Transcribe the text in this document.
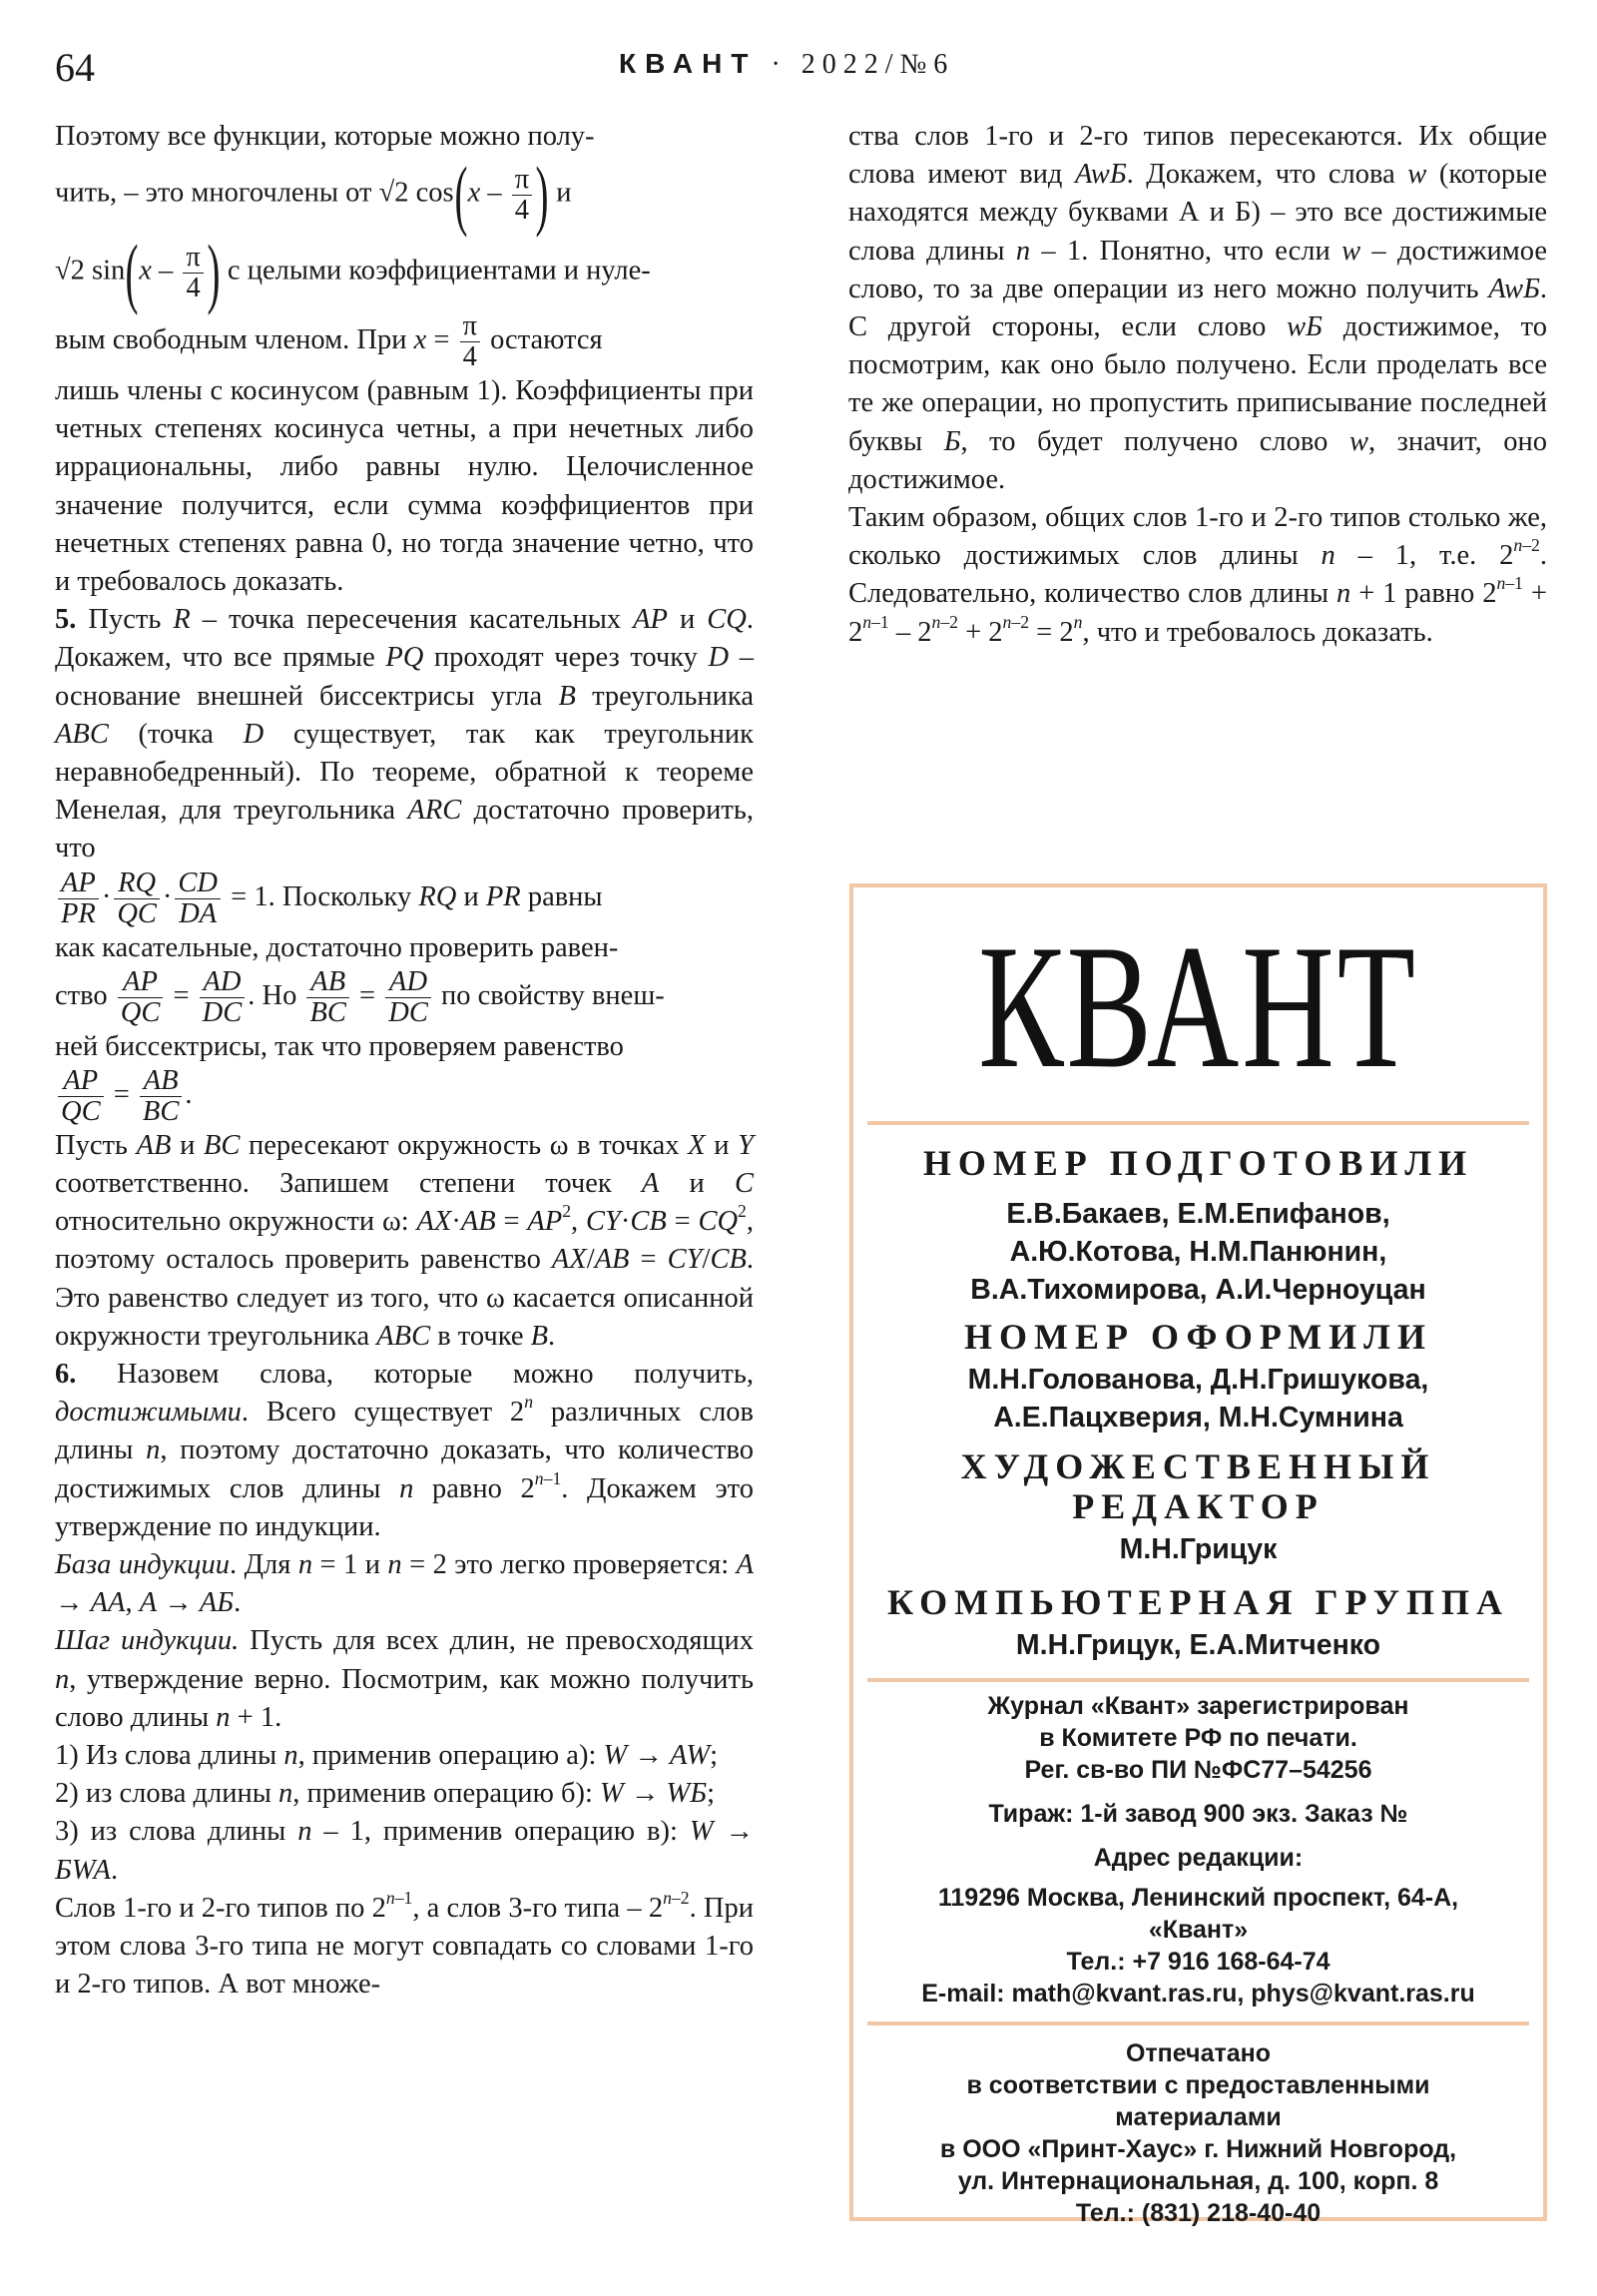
64	КВАНТ · 2022/№6

Поэтому все функции, которые можно полу-

чить, – это многочлены от √2 $\cos(x - \frac{\pi}{4}$ ) и

√2 $\sin(x - \frac{\pi}{4}$ ) с целыми коэффициентами и нуле-

вым свободным членом. При $x = \frac{\pi}{4}$ остаются

лишь члены с косинусом (равным 1). Коэффициенты при четных степенях косинуса четны, а при нечетных либо иррациональны, либо равны нулю. Целочисленное значение получится, если сумма коэффициентов при нечетных степенях равна 0, но тогда значение четно, что и требовалось доказать.

5. Пусть R – точка пересечения касательных AP и CQ. Докажем, что все прямые PQ проходят через точку D – основание внешней биссектрисы угла B треугольника ABC (точка D существует, так как треугольник неравнобедренный). По теореме, обратной к теореме Менелая, для треугольника ARC достаточно проверить, что

$\frac{AP}{PR} \cdot \frac{RQ}{QC} \cdot \frac{CD}{DA} = 1$. Поскольку RQ и PR равны

как касательные, достаточно проверить равен-

ство $\frac{AP}{QC} = \frac{AD}{DC}$ . Но $\frac{AB}{BC} = \frac{AD}{DC}$ по свойству внеш-

ней биссектрисы, так что проверяем равенство

$\frac{AP}{QC} = \frac{AB}{BC}$ .

Пусть AB и BC пересекают окружность ω в точках X и Y соответственно. Запишем степени точек A и C относительно окружности ω: $AX\cdot AB = AP^2$, $CY\cdot CB = CQ^2$, поэтому осталось проверить равенство AX/AB = CY/CB. Это равенство следует из того, что ω касается описанной окружности треугольника ABC в точке B.

6. Назовем слова, которые можно получить, достижимыми. Всего существует 2$^n$ различных слов длины n, поэтому достаточно доказать, что количество достижимых слов длины n равно 2$^{n-1}$. Докажем это утверждение по индукции.

База индукции. Для n = 1 и n = 2 это легко проверяется: A → AA, A → AБ.

Шаг индукции. Пусть для всех длин, не превосходящих n, утверждение верно. Посмотрим, как можно получить слово длины n + 1.

1) Из слова длины n, применив операцию а): W → AW;

2) из слова длины n, применив операцию б): W → WБ;

3) из слова длины n – 1, применив операцию в): W → БWA.

Слов 1-го и 2-го типов по 2$^{n-1}$, а слов 3-го типа – 2$^{n-2}$. При этом слова 3-го типа не могут совпадать со словами 1-го и 2-го типов. А вот множе-

ства слов 1-го и 2-го типов пересекаются. Их общие слова имеют вид AwБ. Докажем, что слова w (которые находятся между буквами А и Б) – это все достижимые слова длины n – 1. Понятно, что если w – достижимое слово, то за две операции из него можно получить AwБ. С другой стороны, если слово wБ достижимое, то посмотрим, как оно было получено. Если проделать все те же операции, но пропустить приписывание последней буквы Б, то будет получено слово w, значит, оно достижимое.

Таким образом, общих слов 1-го и 2-го типов столько же, сколько достижимых слов длины n – 1, т.е. 2$^{n-2}$. Следовательно, количество слов длины n + 1 равно $2^{n-1} + 2^{n-1} - 2^{n-2} + 2^{n-2} = 2^n$, что и требовалось доказать.

КВАНТ
НОМЕР ПОДГОТОВИЛИ
Е.В.Бакаев, Е.М.Епифанов,
А.Ю.Котова, Н.М.Панюнин,
В.А.Тихомирова, А.И.Черноуцан
НОМЕР ОФОРМИЛИ
М.Н.Голованова, Д.Н.Гришукова,
А.Е.Пацхверия, М.Н.Сумнина
ХУДОЖЕСТВЕННЫЙ
РЕДАКТОР
М.Н.Грицук
КОМПЬЮТЕРНАЯ ГРУППА
М.Н.Грицук, Е.А.Митченко
Журнал «Квант» зарегистрирован
в Комитете РФ по печати.
Рег. св-во ПИ №ФС77–54256
Тираж: 1-й завод 900 экз. Заказ №
Адрес редакции:
119296 Москва, Ленинский проспект, 64-А,
«Квант»
Тел.: +7 916 168-64-74
E-mail: math@kvant.ras.ru, phys@kvant.ras.ru
Отпечатано
в соответствии с предоставленными
материалами
в ООО «Принт-Хаус» г. Нижний Новгород,
ул. Интернациональная, д. 100, корп. 8
Тел.: (831) 218-40-40
